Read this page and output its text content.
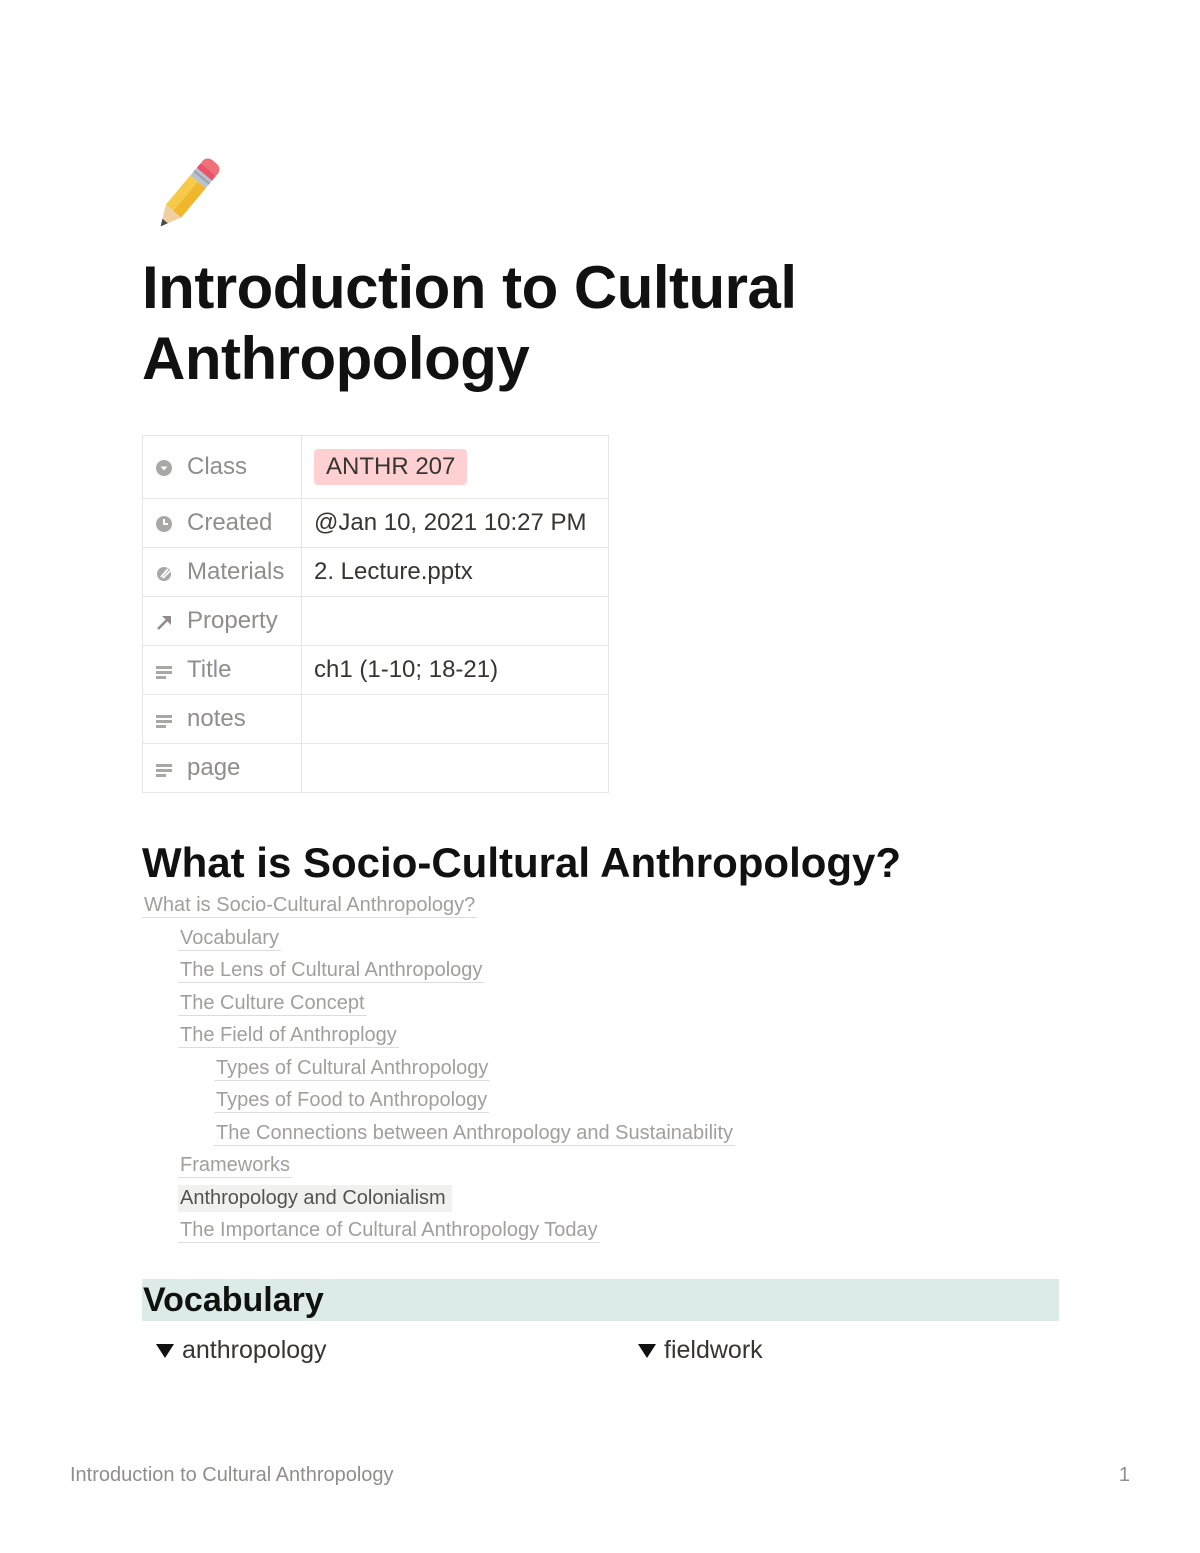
Introduction to Cultural Anthropology
Class	ANTHR 207

Created	@Jan 10, 2021 10:27 PM

Materials	2. Lecture.pptx

Property	

Title	ch1 (1-10; 18-21)

notes	

page	

What is Socio-Cultural Anthropology?
What is Socio-Cultural Anthropology?
Vocabulary
The Lens of Cultural Anthropology
The Culture Concept
The Field of Anthroplogy
Types of Cultural Anthropology
Types of Food to Anthropology
The Connections between Anthropology and Sustainability
Frameworks
Anthropology and Colonialism
The Importance of Cultural Anthropology Today
Vocabulary
anthropology	fieldwork
Introduction to Cultural Anthropology	1
